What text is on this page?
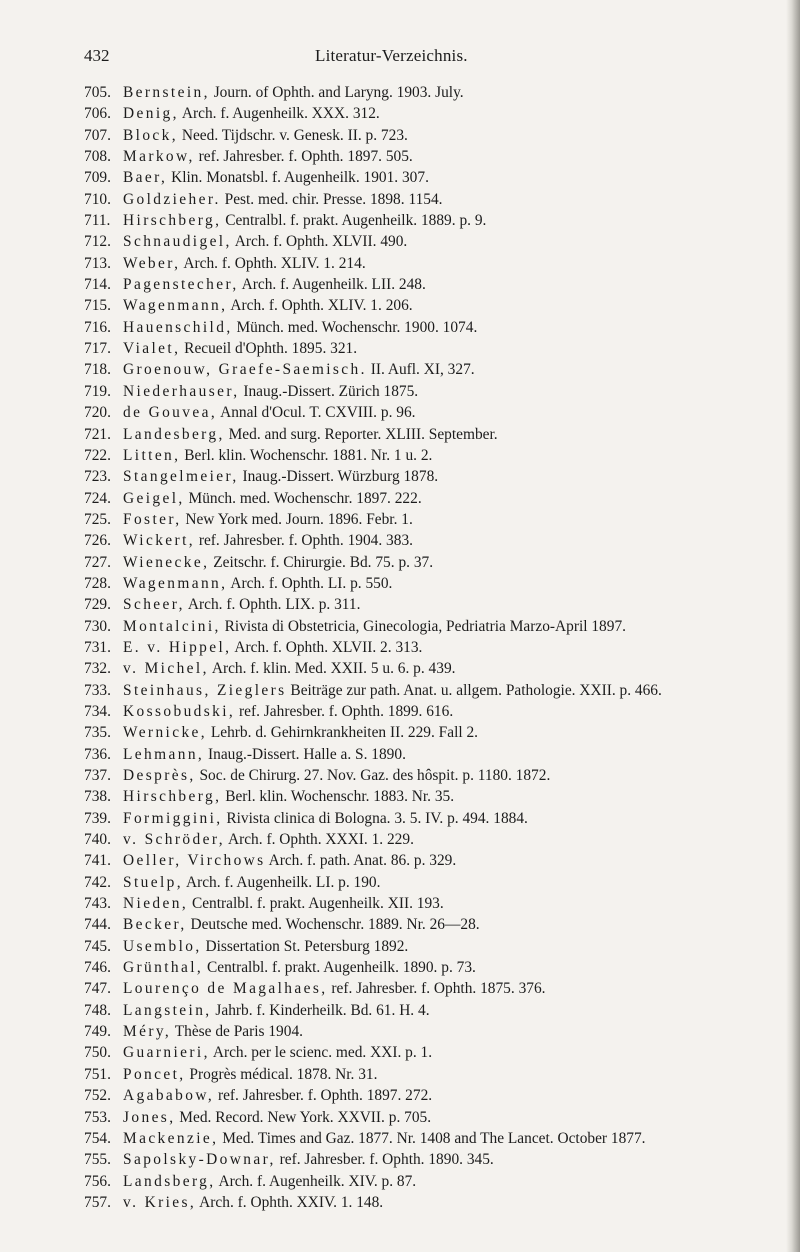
432	Literatur-Verzeichnis.
705. Bernstein, Journ. of Ophth. and Laryng. 1903. July.
706. Denig, Arch. f. Augenheilk. XXX. 312.
707. Block, Need. Tijdschr. v. Genesk. II. p. 723.
708. Markow, ref. Jahresber. f. Ophth. 1897. 505.
709. Baer, Klin. Monatsbl. f. Augenheilk. 1901. 307.
710. Goldzieher. Pest. med. chir. Presse. 1898. 1154.
711. Hirschberg, Centralbl. f. prakt. Augenheilk. 1889. p. 9.
712. Schnaudigel, Arch. f. Ophth. XLVII. 490.
713. Weber, Arch. f. Ophth. XLIV. 1. 214.
714. Pagenstecher, Arch. f. Augenheilk. LII. 248.
715. Wagenmann, Arch. f. Ophth. XLIV. 1. 206.
716. Hauenschild, Münch. med. Wochenschr. 1900. 1074.
717. Vialet, Recueil d'Ophth. 1895. 321.
718. Groenouw, Graefe-Saemisch. II. Aufl. XI, 327.
719. Niederhauser, Inaug.-Dissert. Zürich 1875.
720. de Gouvea, Annal d'Ocul. T. CXVIII. p. 96.
721. Landesberg, Med. and surg. Reporter. XLIII. September.
722. Litten, Berl. klin. Wochenschr. 1881. Nr. 1 u. 2.
723. Stangelmeier, Inaug.-Dissert. Würzburg 1878.
724. Geigel, Münch. med. Wochenschr. 1897. 222.
725. Foster, New York med. Journ. 1896. Febr. 1.
726. Wickert, ref. Jahresber. f. Ophth. 1904. 383.
727. Wienecke, Zeitschr. f. Chirurgie. Bd. 75. p. 37.
728. Wagenmann, Arch. f. Ophth. LI. p. 550.
729. Scheer, Arch. f. Ophth. LIX. p. 311.
730. Montalcini, Rivista di Obstetricia, Ginecologia, Pedriatria Marzo-April 1897.
731. E. v. Hippel, Arch. f. Ophth. XLVII. 2. 313.
732. v. Michel, Arch. f. klin. Med. XXII. 5 u. 6. p. 439.
733. Steinhaus, Zieglers Beiträge zur path. Anat. u. allgem. Pathologie. XXII. p. 466.
734. Kossobudski, ref. Jahresber. f. Ophth. 1899. 616.
735. Wernicke, Lehrb. d. Gehirnkrankheiten II. 229. Fall 2.
736. Lehmann, Inaug.-Dissert. Halle a. S. 1890.
737. Desprès, Soc. de Chirurg. 27. Nov. Gaz. des hôspit. p. 1180. 1872.
738. Hirschberg, Berl. klin. Wochenschr. 1883. Nr. 35.
739. Formiggini, Rivista clinica di Bologna. 3. 5. IV. p. 494. 1884.
740. v. Schröder, Arch. f. Ophth. XXXI. 1. 229.
741. Oeller, Virchows Arch. f. path. Anat. 86. p. 329.
742. Stuelp, Arch. f. Augenheilk. LI. p. 190.
743. Nieden, Centralbl. f. prakt. Augenheilk. XII. 193.
744. Becker, Deutsche med. Wochenschr. 1889. Nr. 26—28.
745. Usemblo, Dissertation St. Petersburg 1892.
746. Grünthal, Centralbl. f. prakt. Augenheilk. 1890. p. 73.
747. Lourenço de Magalhaes, ref. Jahresber. f. Ophth. 1875. 376.
748. Langstein, Jahrb. f. Kinderheilk. Bd. 61. H. 4.
749. Méry, Thèse de Paris 1904.
750. Guarnieri, Arch. per le scienc. med. XXI. p. 1.
751. Poncet, Progrès médical. 1878. Nr. 31.
752. Agababow, ref. Jahresber. f. Ophth. 1897. 272.
753. Jones, Med. Record. New York. XXVII. p. 705.
754. Mackenzie, Med. Times and Gaz. 1877. Nr. 1408 and The Lancet. October 1877.
755. Sapolsky-Downar, ref. Jahresber. f. Ophth. 1890. 345.
756. Landsberg, Arch. f. Augenheilk. XIV. p. 87.
757. v. Kries, Arch. f. Ophth. XXIV. 1. 148.
